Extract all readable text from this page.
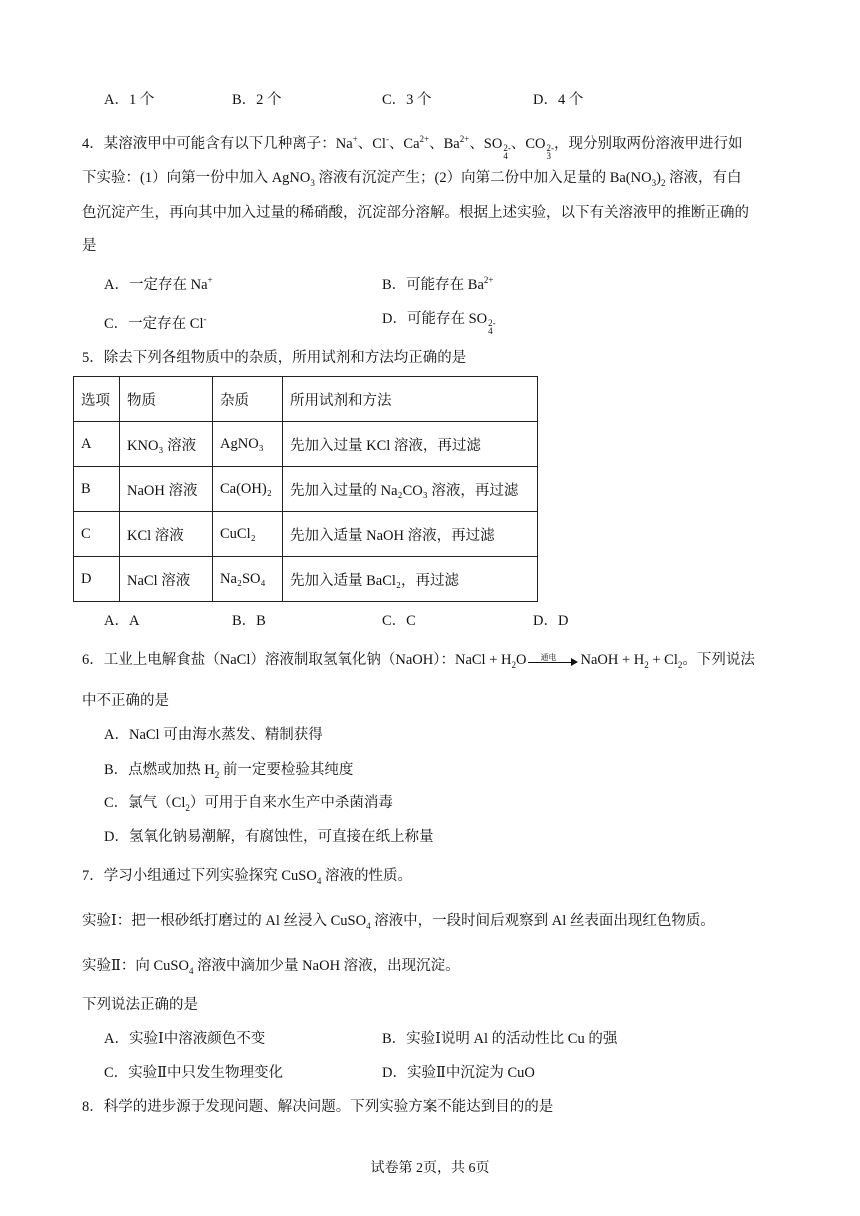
A．1 个	B．2 个	C．3 个	D．4 个
4．某溶液甲中可能含有以下几种离子：Na+、Cl-、$Ca^{2+}$、$Ba^{2+}$、SO 2-
4
、CO 2-
3
，现分别取两份溶液甲进行如
下实验：(1）向第一份中加入 AgNO$_3$ 溶液有沉淀产生；(2）向第二份中加入足量的 $Ba(NO_3)_2$ 溶液，有白
色沉淀产生，再向其中加入过量的稀硝酸，沉淀部分溶解。根据上述实验，以下有关溶液甲的推断正确的
是
A．一定存在 Na+	B．可能存在 $Ba^{2+}$
C．一定存在 Cl-	D．可能存在 SO 2-
4
5．除去下列各组物质中的杂质，所用试剂和方法均正确的是
选项	物质	杂质	所用试剂和方法
A	KNO₃ 溶液	AgNO₃	先加入过量 KCl 溶液，再过滤
B	NaOH 溶液	Ca(OH)₂	先加入过量的 Na₂CO₃ 溶液，再过滤
C	KCl 溶液	CuCl₂	先加入适量 NaOH 溶液，再过滤
D	NaCl 溶液	Na₂SO₄	先加入适量 BaCl₂，再过滤
A．A	B．B	C．C	D．D
6．工业上电解食盐（NaCl）溶液制取氢氧化钠（NaOH）：NaCl + $H_2O$ 通电 NaOH + $H_2 + Cl_2$。下列说法
中不正确的是
A．NaCl 可由海水蒸发、精制获得
B．点燃或加热 $H_2$ 前一定要检验其纯度
C．氯气$(Cl_2)$可用于自来水生产中杀菌消毒
D．氢氧化钠易潮解，有腐蚀性，可直接在纸上称量
7．学习小组通过下列实验探究 CuSO$_4$ 溶液的性质。
实验Ⅰ：把一根砂纸打磨过的 Al 丝浸入 CuSO$_4$ 溶液中，一段时间后观察到 Al 丝表面出现红色物质。
实验Ⅱ：向 CuSO$_4$ 溶液中滴加少量 NaOH 溶液，出现沉淀。
下列说法正确的是
A．实验Ⅰ中溶液颜色不变	B．实验Ⅰ说明 Al 的活动性比 Cu 的强
C．实验Ⅱ中只发生物理变化	D．实验Ⅱ中沉淀为 CuO
8．科学的进步源于发现问题、解决问题。下列实验方案不能达到目的的是
试卷第 2页，共 6页
